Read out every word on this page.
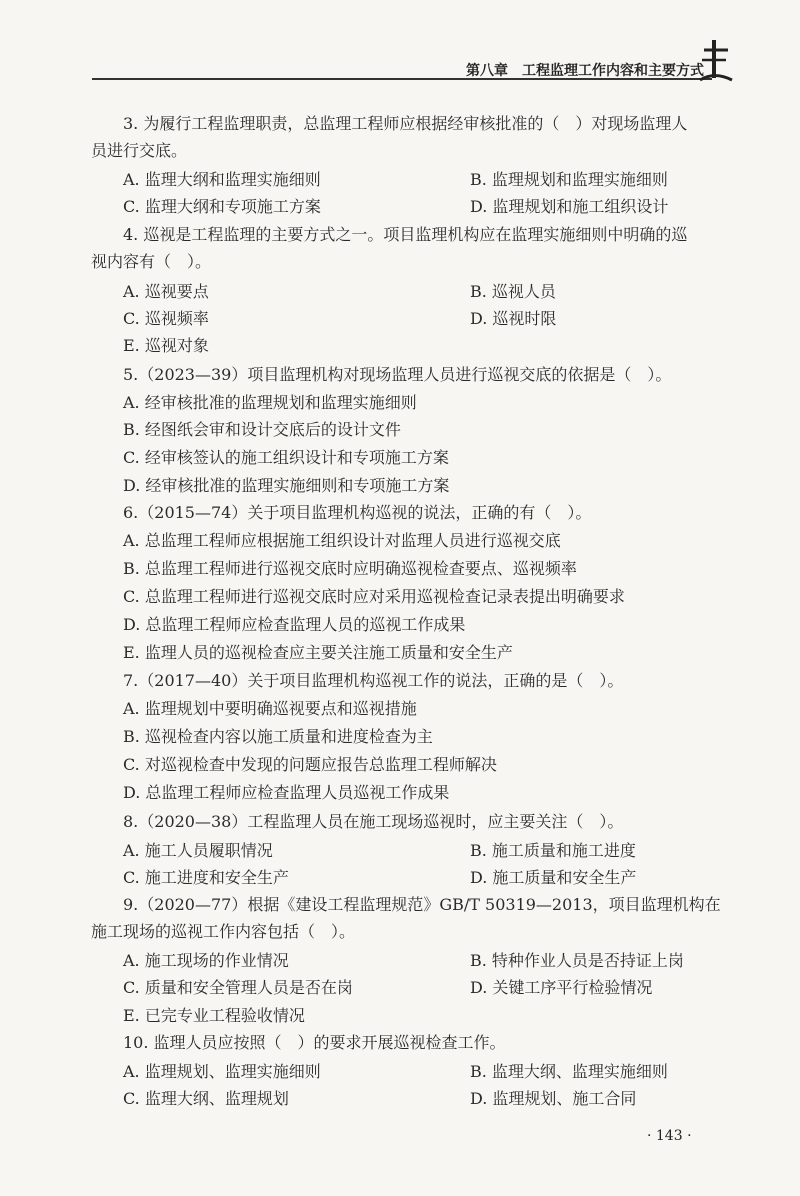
第八章　工程监理工作内容和主要方式
3. 为履行工程监理职责，总监理工程师应根据经审核批准的（　）对现场监理人
员进行交底。
A. 监理大纲和监理实施细则	B. 监理规划和监理实施细则
C. 监理大纲和专项施工方案	D. 监理规划和施工组织设计
4. 巡视是工程监理的主要方式之一。项目监理机构应在监理实施细则中明确的巡
视内容有（　）。
A. 巡视要点	B. 巡视人员
C. 巡视频率	D. 巡视时限
E. 巡视对象
5.（2023—39）项目监理机构对现场监理人员进行巡视交底的依据是（　）。
A. 经审核批准的监理规划和监理实施细则
B. 经图纸会审和设计交底后的设计文件
C. 经审核签认的施工组织设计和专项施工方案
D. 经审核批准的监理实施细则和专项施工方案
6.（2015—74）关于项目监理机构巡视的说法，正确的有（　）。
A. 总监理工程师应根据施工组织设计对监理人员进行巡视交底
B. 总监理工程师进行巡视交底时应明确巡视检查要点、巡视频率
C. 总监理工程师进行巡视交底时应对采用巡视检查记录表提出明确要求
D. 总监理工程师应检查监理人员的巡视工作成果
E. 监理人员的巡视检查应主要关注施工质量和安全生产
7.（2017—40）关于项目监理机构巡视工作的说法，正确的是（　）。
A. 监理规划中要明确巡视要点和巡视措施
B. 巡视检查内容以施工质量和进度检查为主
C. 对巡视检查中发现的问题应报告总监理工程师解决
D. 总监理工程师应检查监理人员巡视工作成果
8.（2020—38）工程监理人员在施工现场巡视时，应主要关注（　）。
A. 施工人员履职情况	B. 施工质量和施工进度
C. 施工进度和安全生产	D. 施工质量和安全生产
9.（2020—77）根据《建设工程监理规范》GB/T 50319—2013，项目监理机构在
施工现场的巡视工作内容包括（　）。
A. 施工现场的作业情况	B. 特种作业人员是否持证上岗
C. 质量和安全管理人员是否在岗	D. 关键工序平行检验情况
E. 已完专业工程验收情况
10. 监理人员应按照（　）的要求开展巡视检查工作。
A. 监理规划、监理实施细则	B. 监理大纲、监理实施细则
C. 监理大纲、监理规划	D. 监理规划、施工合同
· 143 ·
